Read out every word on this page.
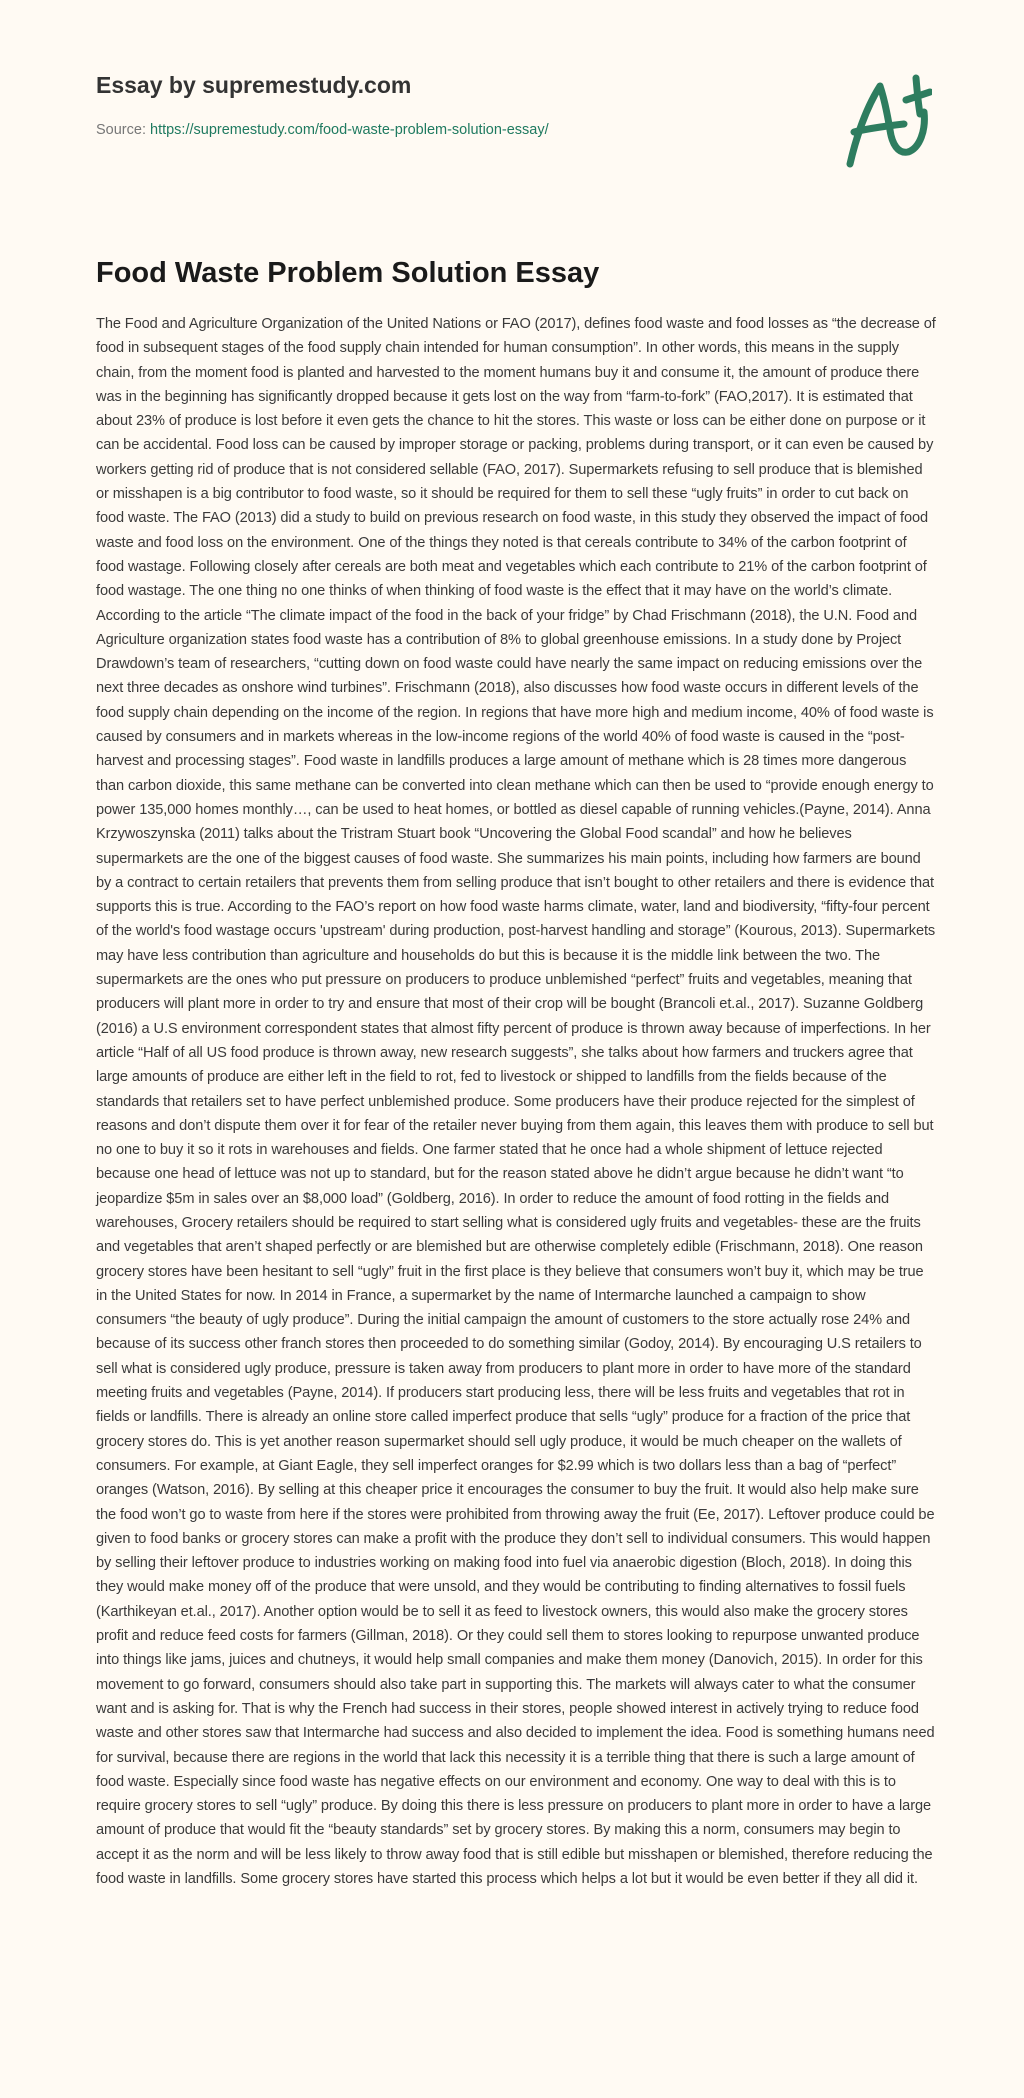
Essay by supremestudy.com
Source: https://supremestudy.com/food-waste-problem-solution-essay/
Food Waste Problem Solution Essay

The Food and Agriculture Organization of the United Nations or FAO (2017), defines food waste and food losses as “the decrease of food in subsequent stages of the food supply chain intended for human consumption”. In other words, this means in the supply chain, from the moment food is planted and harvested to the moment humans buy it and consume it, the amount of produce there was in the beginning has significantly dropped because it gets lost on the way from “farm-to-fork” (FAO,2017). It is estimated that about 23% of produce is lost before it even gets the chance to hit the stores. This waste or loss can be either done on purpose or it can be accidental. Food loss can be caused by improper storage or packing, problems during transport, or it can even be caused by workers getting rid of produce that is not considered sellable (FAO, 2017). Supermarkets refusing to sell produce that is blemished or misshapen is a big contributor to food waste, so it should be required for them to sell these “ugly fruits” in order to cut back on food waste. The FAO (2013) did a study to build on previous research on food waste, in this study they observed the impact of food waste and food loss on the environment. One of the things they noted is that cereals contribute to 34% of the carbon footprint of food wastage. Following closely after cereals are both meat and vegetables which each contribute to 21% of the carbon footprint of food wastage. The one thing no one thinks of when thinking of food waste is the effect that it may have on the world’s climate. According to the article “The climate impact of the food in the back of your fridge” by Chad Frischmann (2018), the U.N. Food and Agriculture organization states food waste has a contribution of 8% to global greenhouse emissions. In a study done by Project Drawdown’s team of researchers, “cutting down on food waste could have nearly the same impact on reducing emissions over the next three decades as onshore wind turbines”. Frischmann (2018), also discusses how food waste occurs in different levels of the food supply chain depending on the income of the region. In regions that have more high and medium income, 40% of food waste is caused by consumers and in markets whereas in the low-income regions of the world 40% of food waste is caused in the “post-harvest and processing stages”. Food waste in landfills produces a large amount of methane which is 28 times more dangerous than carbon dioxide, this same methane can be converted into clean methane which can then be used to “provide enough energy to power 135,000 homes monthly…, can be used to heat homes, or bottled as diesel capable of running vehicles.(Payne, 2014). Anna Krzywoszynska (2011) talks about the Tristram Stuart book “Uncovering the Global Food scandal” and how he believes supermarkets are the one of the biggest causes of food waste. She summarizes his main points, including how farmers are bound by a contract to certain retailers that prevents them from selling produce that isn’t bought to other retailers and there is evidence that supports this is true. According to the FAO’s report on how food waste harms climate, water, land and biodiversity, “fifty-four percent of the world's food wastage occurs 'upstream' during production, post-harvest handling and storage” (Kourous, 2013). Supermarkets may have less contribution than agriculture and households do but this is because it is the middle link between the two. The supermarkets are the ones who put pressure on producers to produce unblemished “perfect” fruits and vegetables, meaning that producers will plant more in order to try and ensure that most of their crop will be bought (Brancoli et.al., 2017). Suzanne Goldberg (2016) a U.S environment correspondent states that almost fifty percent of produce is thrown away because of imperfections. In her article “Half of all US food produce is thrown away, new research suggests”, she talks about how farmers and truckers agree that large amounts of produce are either left in the field to rot, fed to livestock or shipped to landfills from the fields because of the standards that retailers set to have perfect unblemished produce. Some producers have their produce rejected for the simplest of reasons and don’t dispute them over it for fear of the retailer never buying from them again, this leaves them with produce to sell but no one to buy it so it rots in warehouses and fields. One farmer stated that he once had a whole shipment of lettuce rejected because one head of lettuce was not up to standard, but for the reason stated above he didn’t argue because he didn’t want “to jeopardize $5m in sales over an $8,000 load” (Goldberg, 2016). In order to reduce the amount of food rotting in the fields and warehouses, Grocery retailers should be required to start selling what is considered ugly fruits and vegetables- these are the fruits and vegetables that aren’t shaped perfectly or are blemished but are otherwise completely edible (Frischmann, 2018). One reason grocery stores have been hesitant to sell “ugly” fruit in the first place is they believe that consumers won’t buy it, which may be true in the United States for now. In 2014 in France, a supermarket by the name of Intermarche launched a campaign to show consumers “the beauty of ugly produce”. During the initial campaign the amount of customers to the store actually rose 24% and because of its success other franch stores then proceeded to do something similar (Godoy, 2014). By encouraging U.S retailers to sell what is considered ugly produce, pressure is taken away from producers to plant more in order to have more of the standard meeting fruits and vegetables (Payne, 2014). If producers start producing less, there will be less fruits and vegetables that rot in fields or landfills. There is already an online store called imperfect produce that sells “ugly” produce for a fraction of the price that grocery stores do. This is yet another reason supermarket should sell ugly produce, it would be much cheaper on the wallets of consumers. For example, at Giant Eagle, they sell imperfect oranges for $2.99 which is two dollars less than a bag of “perfect” oranges (Watson, 2016). By selling at this cheaper price it encourages the consumer to buy the fruit. It would also help make sure the food won’t go to waste from here if the stores were prohibited from throwing away the fruit (Ee, 2017). Leftover produce could be given to food banks or grocery stores can make a profit with the produce they don’t sell to individual consumers. This would happen by selling their leftover produce to industries working on making food into fuel via anaerobic digestion (Bloch, 2018). In doing this they would make money off of the produce that were unsold, and they would be contributing to finding alternatives to fossil fuels (Karthikeyan et.al., 2017). Another option would be to sell it as feed to livestock owners, this would also make the grocery stores profit and reduce feed costs for farmers (Gillman, 2018). Or they could sell them to stores looking to repurpose unwanted produce into things like jams, juices and chutneys, it would help small companies and make them money (Danovich, 2015). In order for this movement to go forward, consumers should also take part in supporting this. The markets will always cater to what the consumer want and is asking for. That is why the French had success in their stores, people showed interest in actively trying to reduce food waste and other stores saw that Intermarche had success and also decided to implement the idea. Food is something humans need for survival, because there are regions in the world that lack this necessity it is a terrible thing that there is such a large amount of food waste. Especially since food waste has negative effects on our environment and economy. One way to deal with this is to require grocery stores to sell “ugly” produce. By doing this there is less pressure on producers to plant more in order to have a large amount of produce that would fit the “beauty standards” set by grocery stores. By making this a norm, consumers may begin to accept it as the norm and will be less likely to throw away food that is still edible but misshapen or blemished, therefore reducing the food waste in landfills. Some grocery stores have started this process which helps a lot but it would be even better if they all did it.
